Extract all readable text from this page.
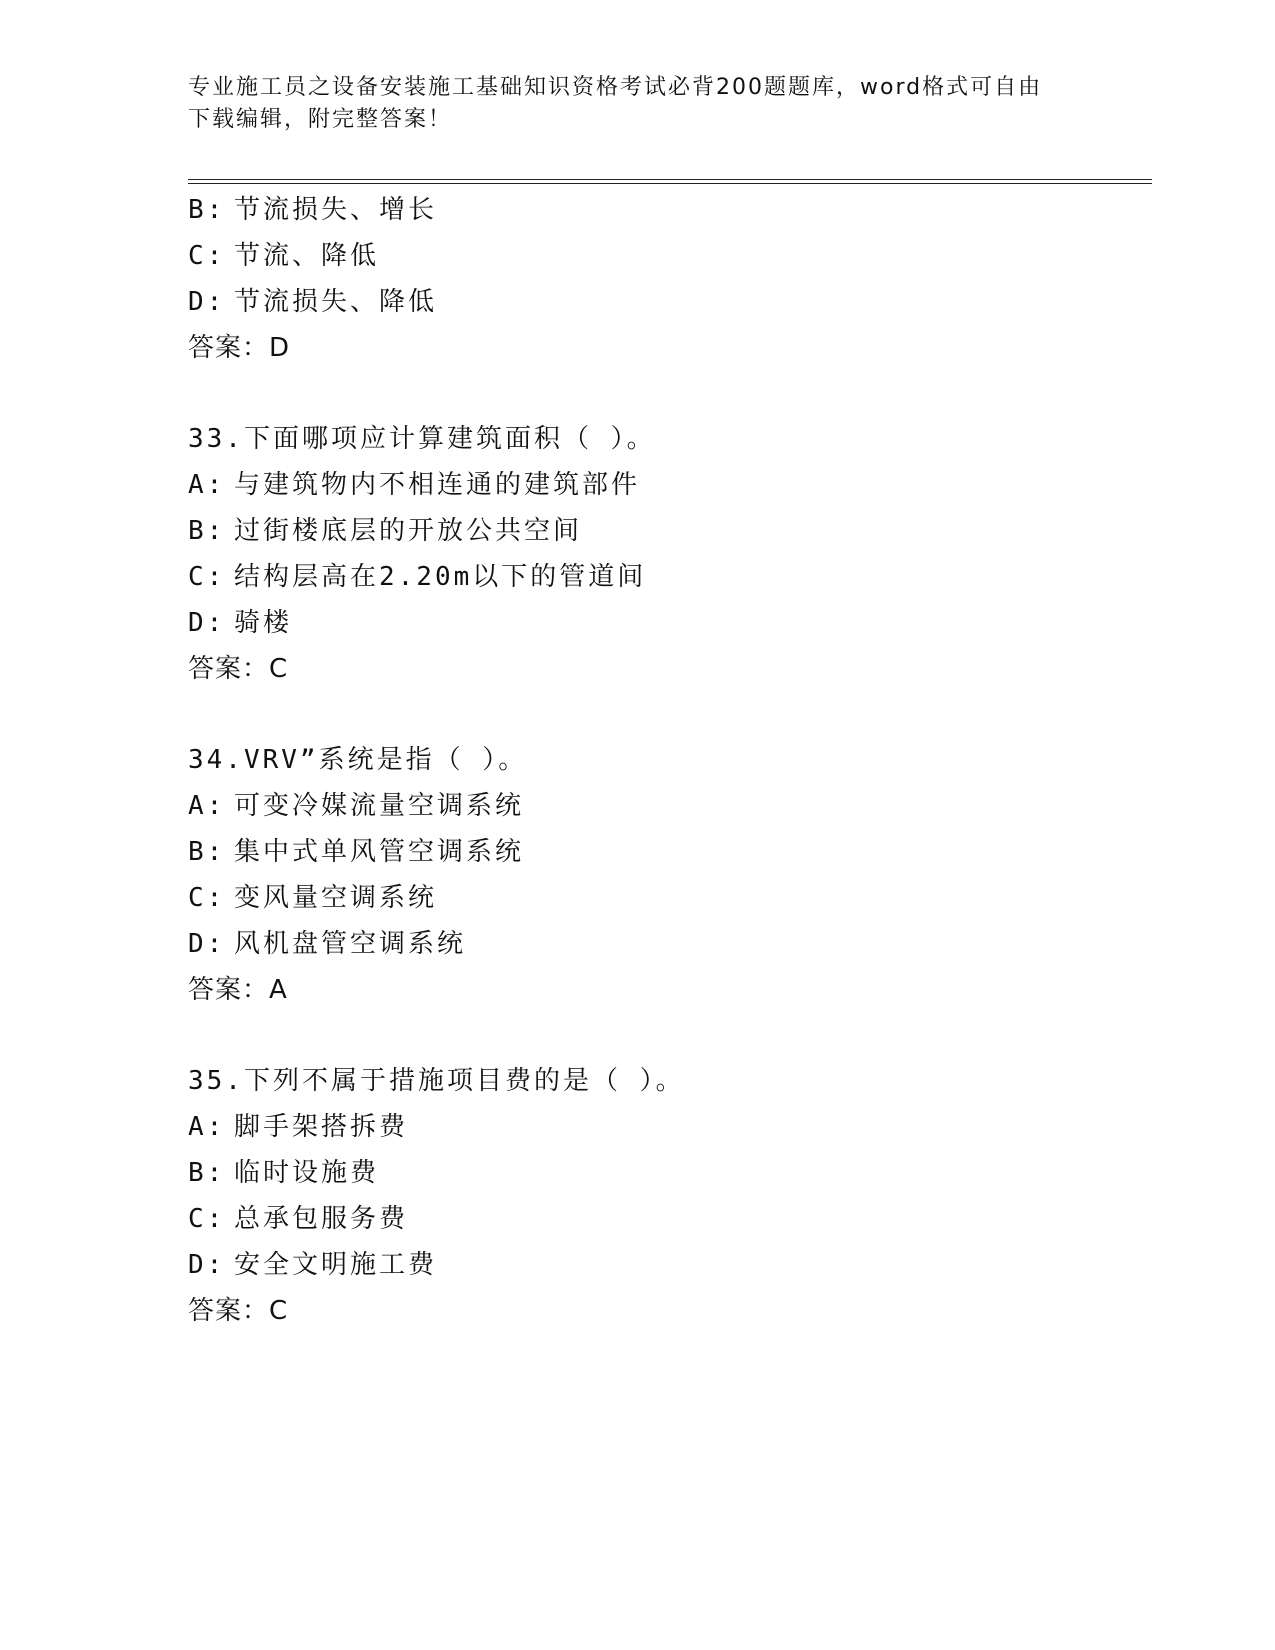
专业施工员之设备安装施工基础知识资格考试必背200题题库，word格式可自由
下载编辑，附完整答案！
B: 节流损失、增长
C: 节流、降低
D: 节流损失、降低
答案：D
33.下面哪项应计算建筑面积（ ）。
A: 与建筑物内不相连通的建筑部件
B: 过街楼底层的开放公共空间
C: 结构层高在2.20m以下的管道间
D: 骑楼
答案：C
34.VRV”系统是指（ ）。
A: 可变冷媒流量空调系统
B: 集中式单风管空调系统
C: 变风量空调系统
D: 风机盘管空调系统
答案：A
35.下列不属于措施项目费的是（ ）。
A: 脚手架搭拆费
B: 临时设施费
C: 总承包服务费
D: 安全文明施工费
答案：C
